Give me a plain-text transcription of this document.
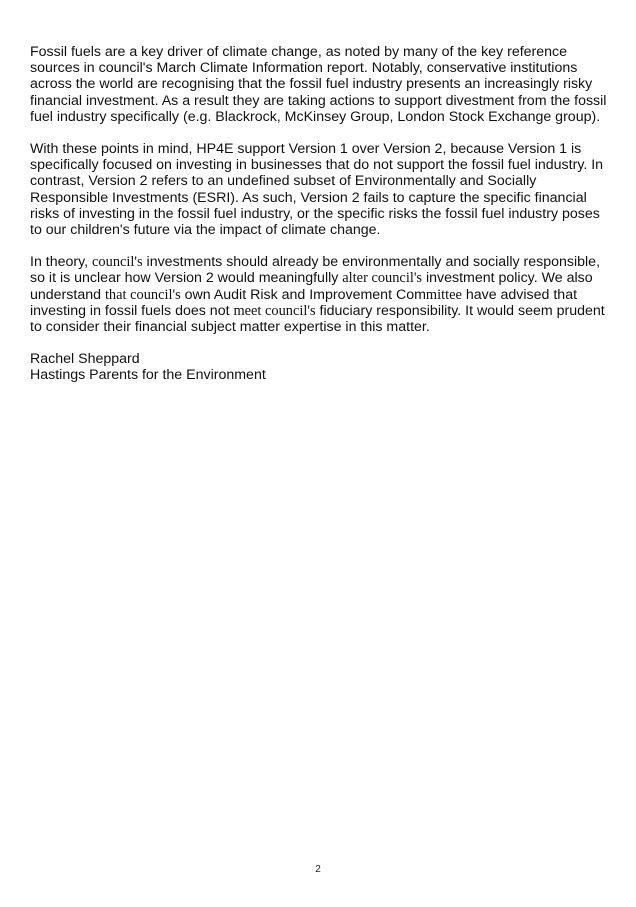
Fossil fuels are a key driver of climate change, as noted by many of the key reference sources in council's March Climate Information report. Notably, conservative institutions across the world are recognising that the fossil fuel industry presents an increasingly risky financial investment. As a result they are taking actions to support divestment from the fossil fuel industry specifically (e.g. Blackrock, McKinsey Group, London Stock Exchange group).

With these points in mind, HP4E support Version 1 over Version 2, because Version 1 is specifically focused on investing in businesses that do not support the fossil fuel industry. In contrast, Version 2 refers to an undefined subset of Environmentally and Socially Responsible Investments (ESRI). As such, Version 2 fails to capture the specific financial risks of investing in the fossil fuel industry, or the specific risks the fossil fuel industry poses to our children's future via the impact of climate change.

In theory, council's investments should already be environmentally and socially responsible, so it is unclear how Version 2 would meaningfully alter council's investment policy. We also understand that council's own Audit Risk and Improvement Committee have advised that investing in fossil fuels does not meet council's fiduciary responsibility. It would seem prudent to consider their financial subject matter expertise in this matter.

Rachel Sheppard
Hastings Parents for the Environment

2
